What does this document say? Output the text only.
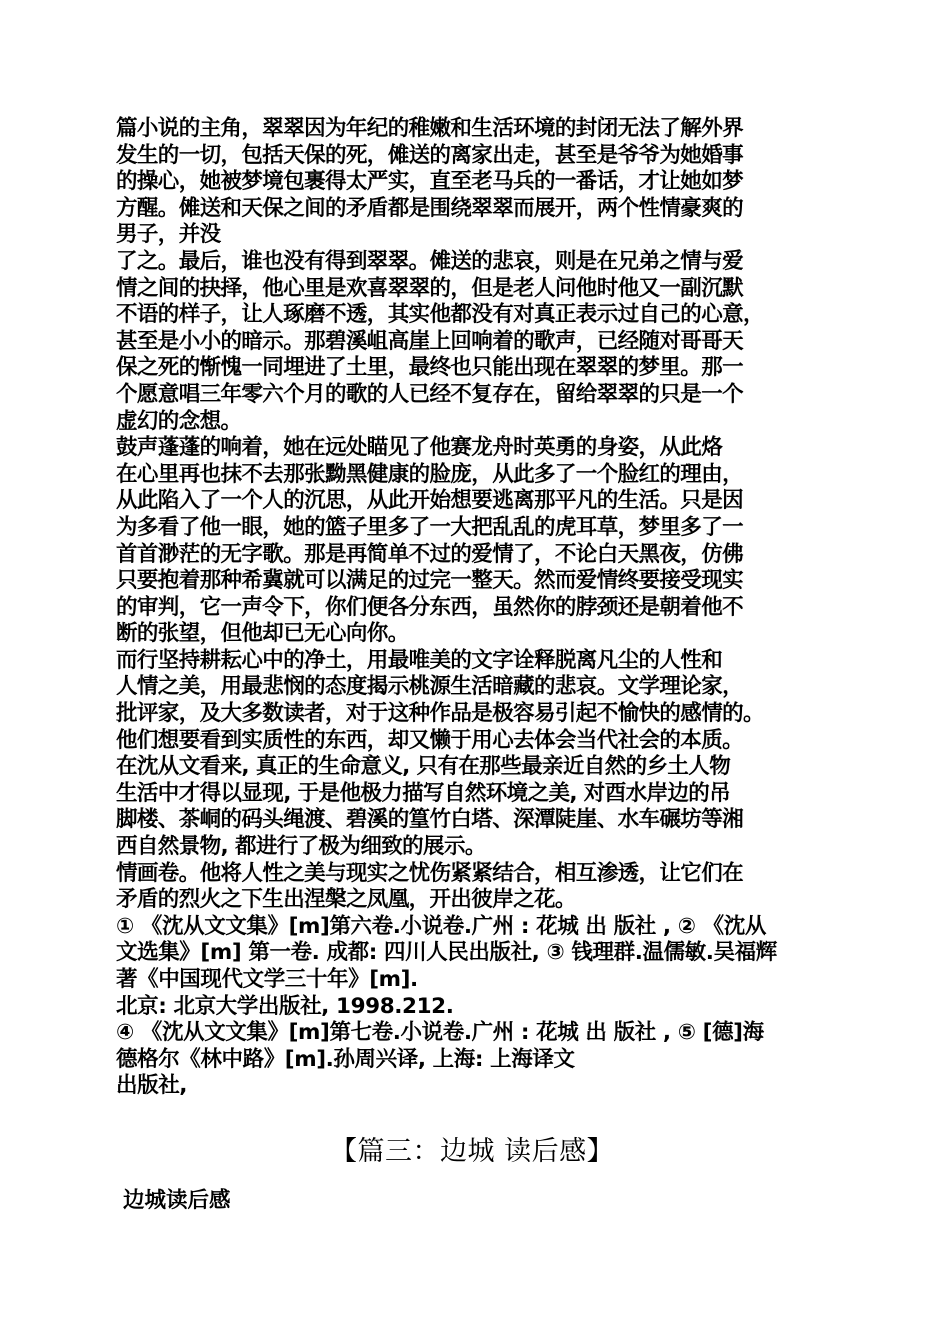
篇小说的主角，翠翠因为年纪的稚嫩和生活环境的封闭无法了解外界
发生的一切，包括天保的死，傩送的离家出走，甚至是爷爷为她婚事
的操心，她被梦境包裹得太严实，直至老马兵的一番话，才让她如梦
方醒。傩送和天保之间的矛盾都是围绕翠翠而展开，两个性情豪爽的
男子，并没
了之。最后，谁也没有得到翠翠。傩送的悲哀，则是在兄弟之情与爱
情之间的抉择，他心里是欢喜翠翠的，但是老人问他时他又一副沉默
不语的样子，让人琢磨不透，其实他都没有对真正表示过自己的心意，
甚至是小小的暗示。那碧溪岨高崖上回响着的歌声，已经随对哥哥天
保之死的惭愧一同埋进了土里，最终也只能出现在翠翠的梦里。那一
个愿意唱三年零六个月的歌的人已经不复存在，留给翠翠的只是一个
虚幻的念想。
鼓声蓬蓬的响着，她在远处瞄见了他赛龙舟时英勇的身姿，从此烙
在心里再也抹不去那张黝黑健康的脸庞，从此多了一个脸红的理由，
从此陷入了一个人的沉思，从此开始想要逃离那平凡的生活。只是因
为多看了他一眼，她的篮子里多了一大把乱乱的虎耳草，梦里多了一
首首渺茫的无字歌。那是再简单不过的爱情了，不论白天黑夜，仿佛
只要抱着那种希冀就可以满足的过完一整天。然而爱情终要接受现实
的审判，它一声令下，你们便各分东西，虽然你的脖颈还是朝着他不
断的张望，但他却已无心向你。
而行坚持耕耘心中的净土，用最唯美的文字诠释脱离凡尘的人性和
人情之美，用最悲悯的态度揭示桃源生活暗藏的悲哀。文学理论家，
批评家，及大多数读者，对于这种作品是极容易引起不愉快的感情的。
他们想要看到实质性的东西，却又懒于用心去体会当代社会的本质。
在沈从文看来, 真正的生命意义, 只有在那些最亲近自然的乡土人物
生活中才得以显现, 于是他极力描写自然环境之美, 对酉水岸边的吊
脚楼、茶峒的码头绳渡、碧溪的篁竹白塔、深潭陡崖、水车碾坊等湘
西自然景物, 都进行了极为细致的展示。
情画卷。他将人性之美与现实之忧伤紧紧结合，相互渗透，让它们在
矛盾的烈火之下生出涅槃之凤凰，开出彼岸之花。
① 《沈从文文集》[m]第六卷.小说卷.广州 : 花城 出 版社 , ② 《沈从
文选集》[m] 第一卷. 成都: 四川人民出版社, ③ 钱理群.温儒敏.吴福辉
著《中国现代文学三十年》[m].
北京: 北京大学出版社, 1998.212.
④ 《沈从文文集》[m]第七卷.小说卷.广州 : 花城 出 版社 , ⑤ [德]海
德格尔《林中路》[m].孙周兴译, 上海: 上海译文
出版社,
【篇三：边城 读后感】
边城读后感
